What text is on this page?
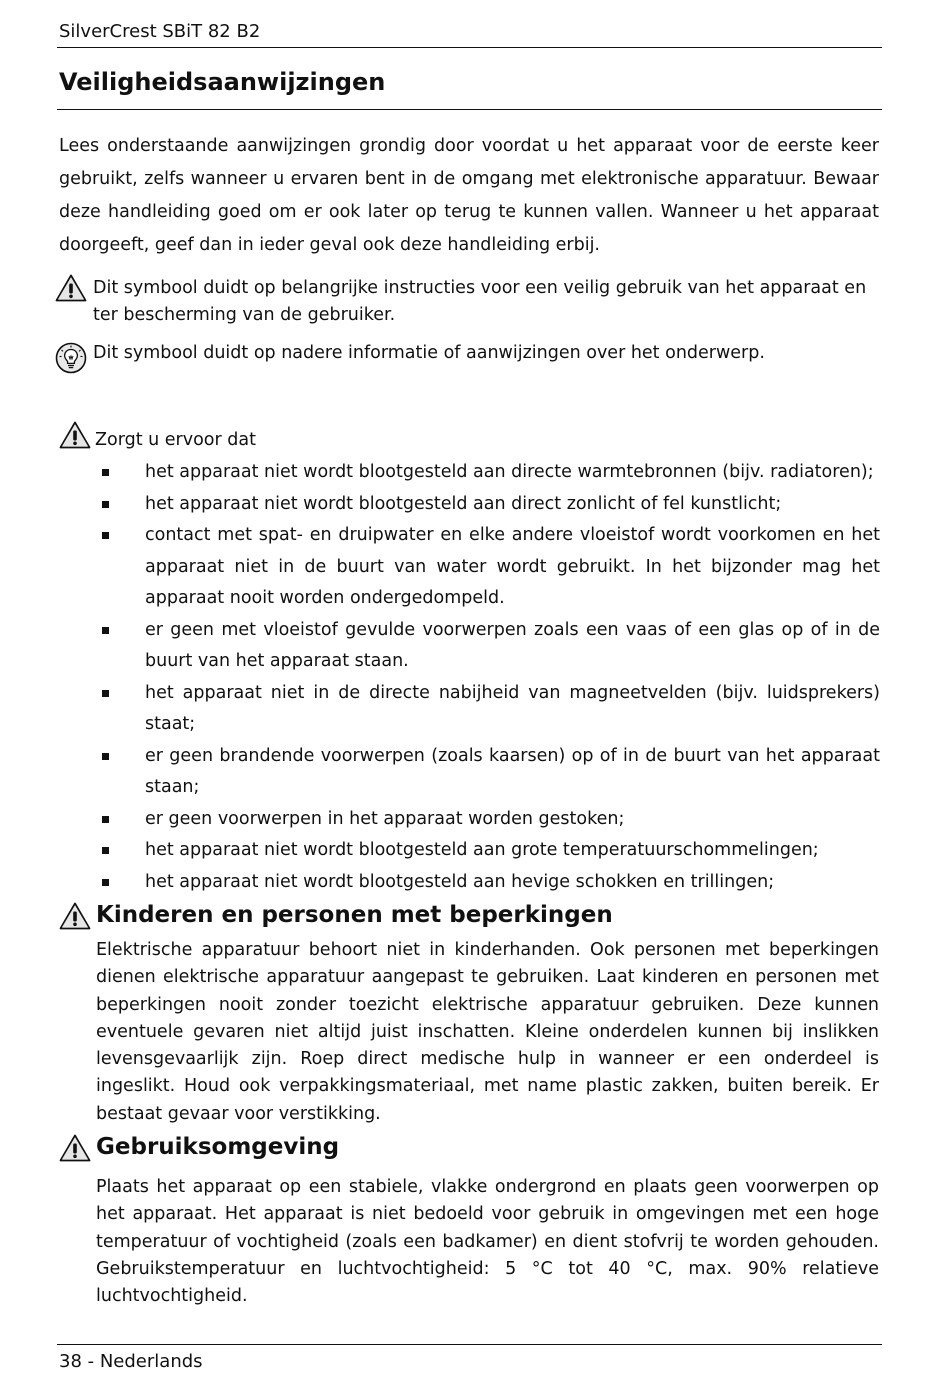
SilverCrest SBiT 82 B2
Veiligheidsaanwijzingen
Lees onderstaande aanwijzingen grondig door voordat u het apparaat voor de eerste keer gebruikt, zelfs wanneer u ervaren bent in de omgang met elektronische apparatuur. Bewaar deze handleiding goed om er ook later op terug te kunnen vallen. Wanneer u het apparaat doorgeeft, geef dan in ieder geval ook deze handleiding erbij.
Dit symbool duidt op belangrijke instructies voor een veilig gebruik van het apparaat en ter bescherming van de gebruiker.
Dit symbool duidt op nadere informatie of aanwijzingen over het onderwerp.
Zorgt u ervoor dat
het apparaat niet wordt blootgesteld aan directe warmtebronnen (bijv. radiatoren);
het apparaat niet wordt blootgesteld aan direct zonlicht of fel kunstlicht;
contact met spat- en druipwater en elke andere vloeistof wordt voorkomen en het apparaat niet in de buurt van water wordt gebruikt. In het bijzonder mag het apparaat nooit worden ondergedompeld.
er geen met vloeistof gevulde voorwerpen zoals een vaas of een glas op of in de buurt van het apparaat staan.
het apparaat niet in de directe nabijheid van magneetvelden (bijv. luidsprekers) staat;
er geen brandende voorwerpen (zoals kaarsen) op of in de buurt van het apparaat staan;
er geen voorwerpen in het apparaat worden gestoken;
het apparaat niet wordt blootgesteld aan grote temperatuurschommelingen;
het apparaat niet wordt blootgesteld aan hevige schokken en trillingen;
Kinderen en personen met beperkingen
Elektrische apparatuur behoort niet in kinderhanden. Ook personen met beperkingen dienen elektrische apparatuur aangepast te gebruiken. Laat kinderen en personen met beperkingen nooit zonder toezicht elektrische apparatuur gebruiken. Deze kunnen eventuele gevaren niet altijd juist inschatten. Kleine onderdelen kunnen bij inslikken levensgevaarlijk zijn. Roep direct medische hulp in wanneer er een onderdeel is ingeslikt. Houd ook verpakkingsmateriaal, met name plastic zakken, buiten bereik. Er bestaat gevaar voor verstikking.
Gebruiksomgeving
Plaats het apparaat op een stabiele, vlakke ondergrond en plaats geen voorwerpen op het apparaat. Het apparaat is niet bedoeld voor gebruik in omgevingen met een hoge temperatuur of vochtigheid (zoals een badkamer) en dient stofvrij te worden gehouden. Gebruikstemperatuur en luchtvochtigheid: 5 °C tot 40 °C, max. 90% relatieve luchtvochtigheid.
38 - Nederlands
